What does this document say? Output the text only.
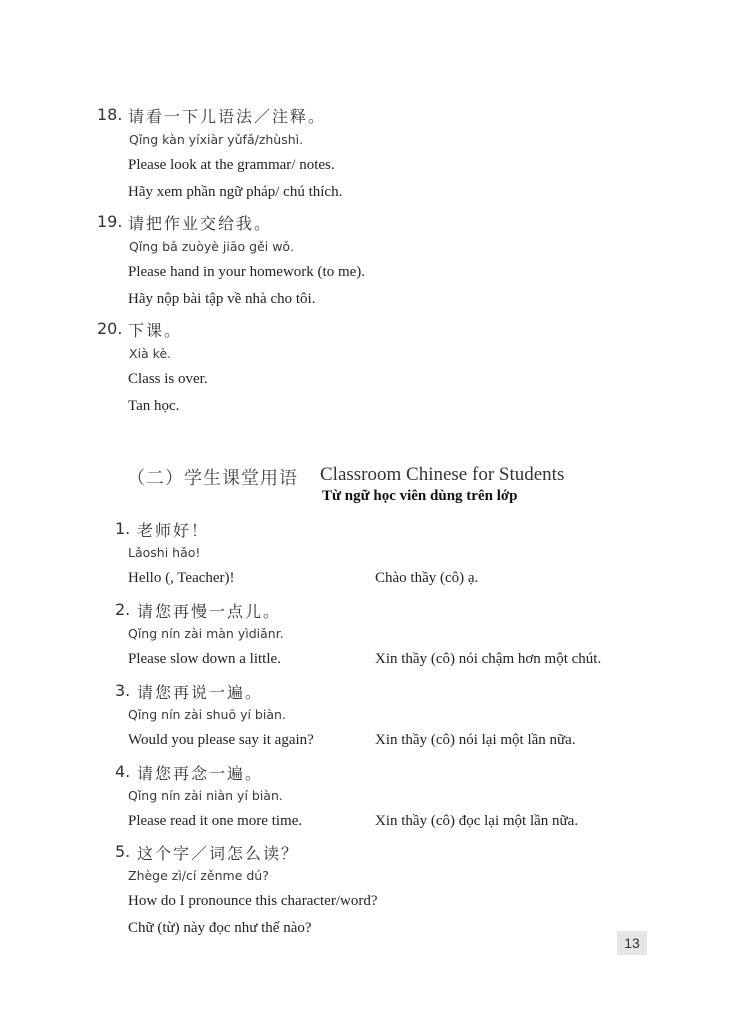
18. 请看一下儿语法／注释。
Qǐng kàn yíxiàr yǔfǎ/zhùshì.
Please look at the grammar/ notes.
Hãy xem phần ngữ pháp/ chú thích.
19. 请把作业交给我。
Qǐng bǎ zuòyè jiāo gěi wǒ.
Please hand in your homework (to me).
Hãy nộp bài tập về nhà cho tôi.
20. 下课。
Xià kè.
Class is over.
Tan học.
（二）学生课堂用语 Classroom Chinese for Students
Từ ngữ học viên dùng trên lớp
1. 老师好！
Lǎoshi hǎo!
Hello (, Teacher)!	Chào thầy (cô) ạ.
2. 请您再慢一点儿。
Qǐng nín zài màn yìdiǎnr.
Please slow down a little.	Xin thầy (cô) nói chậm hơn một chút.
3. 请您再说一遍。
Qǐng nín zài shuō yí biàn.
Would you please say it again?	Xin thầy (cô) nói lại một lần nữa.
4. 请您再念一遍。
Qǐng nín zài niàn yí biàn.
Please read it one more time.	Xin thầy (cô) đọc lại một lần nữa.
5. 这个字／词怎么读？
Zhège zì/cí zěnme dú?
How do I pronounce this character/word?
Chữ (từ) này đọc như thế nào?
13
